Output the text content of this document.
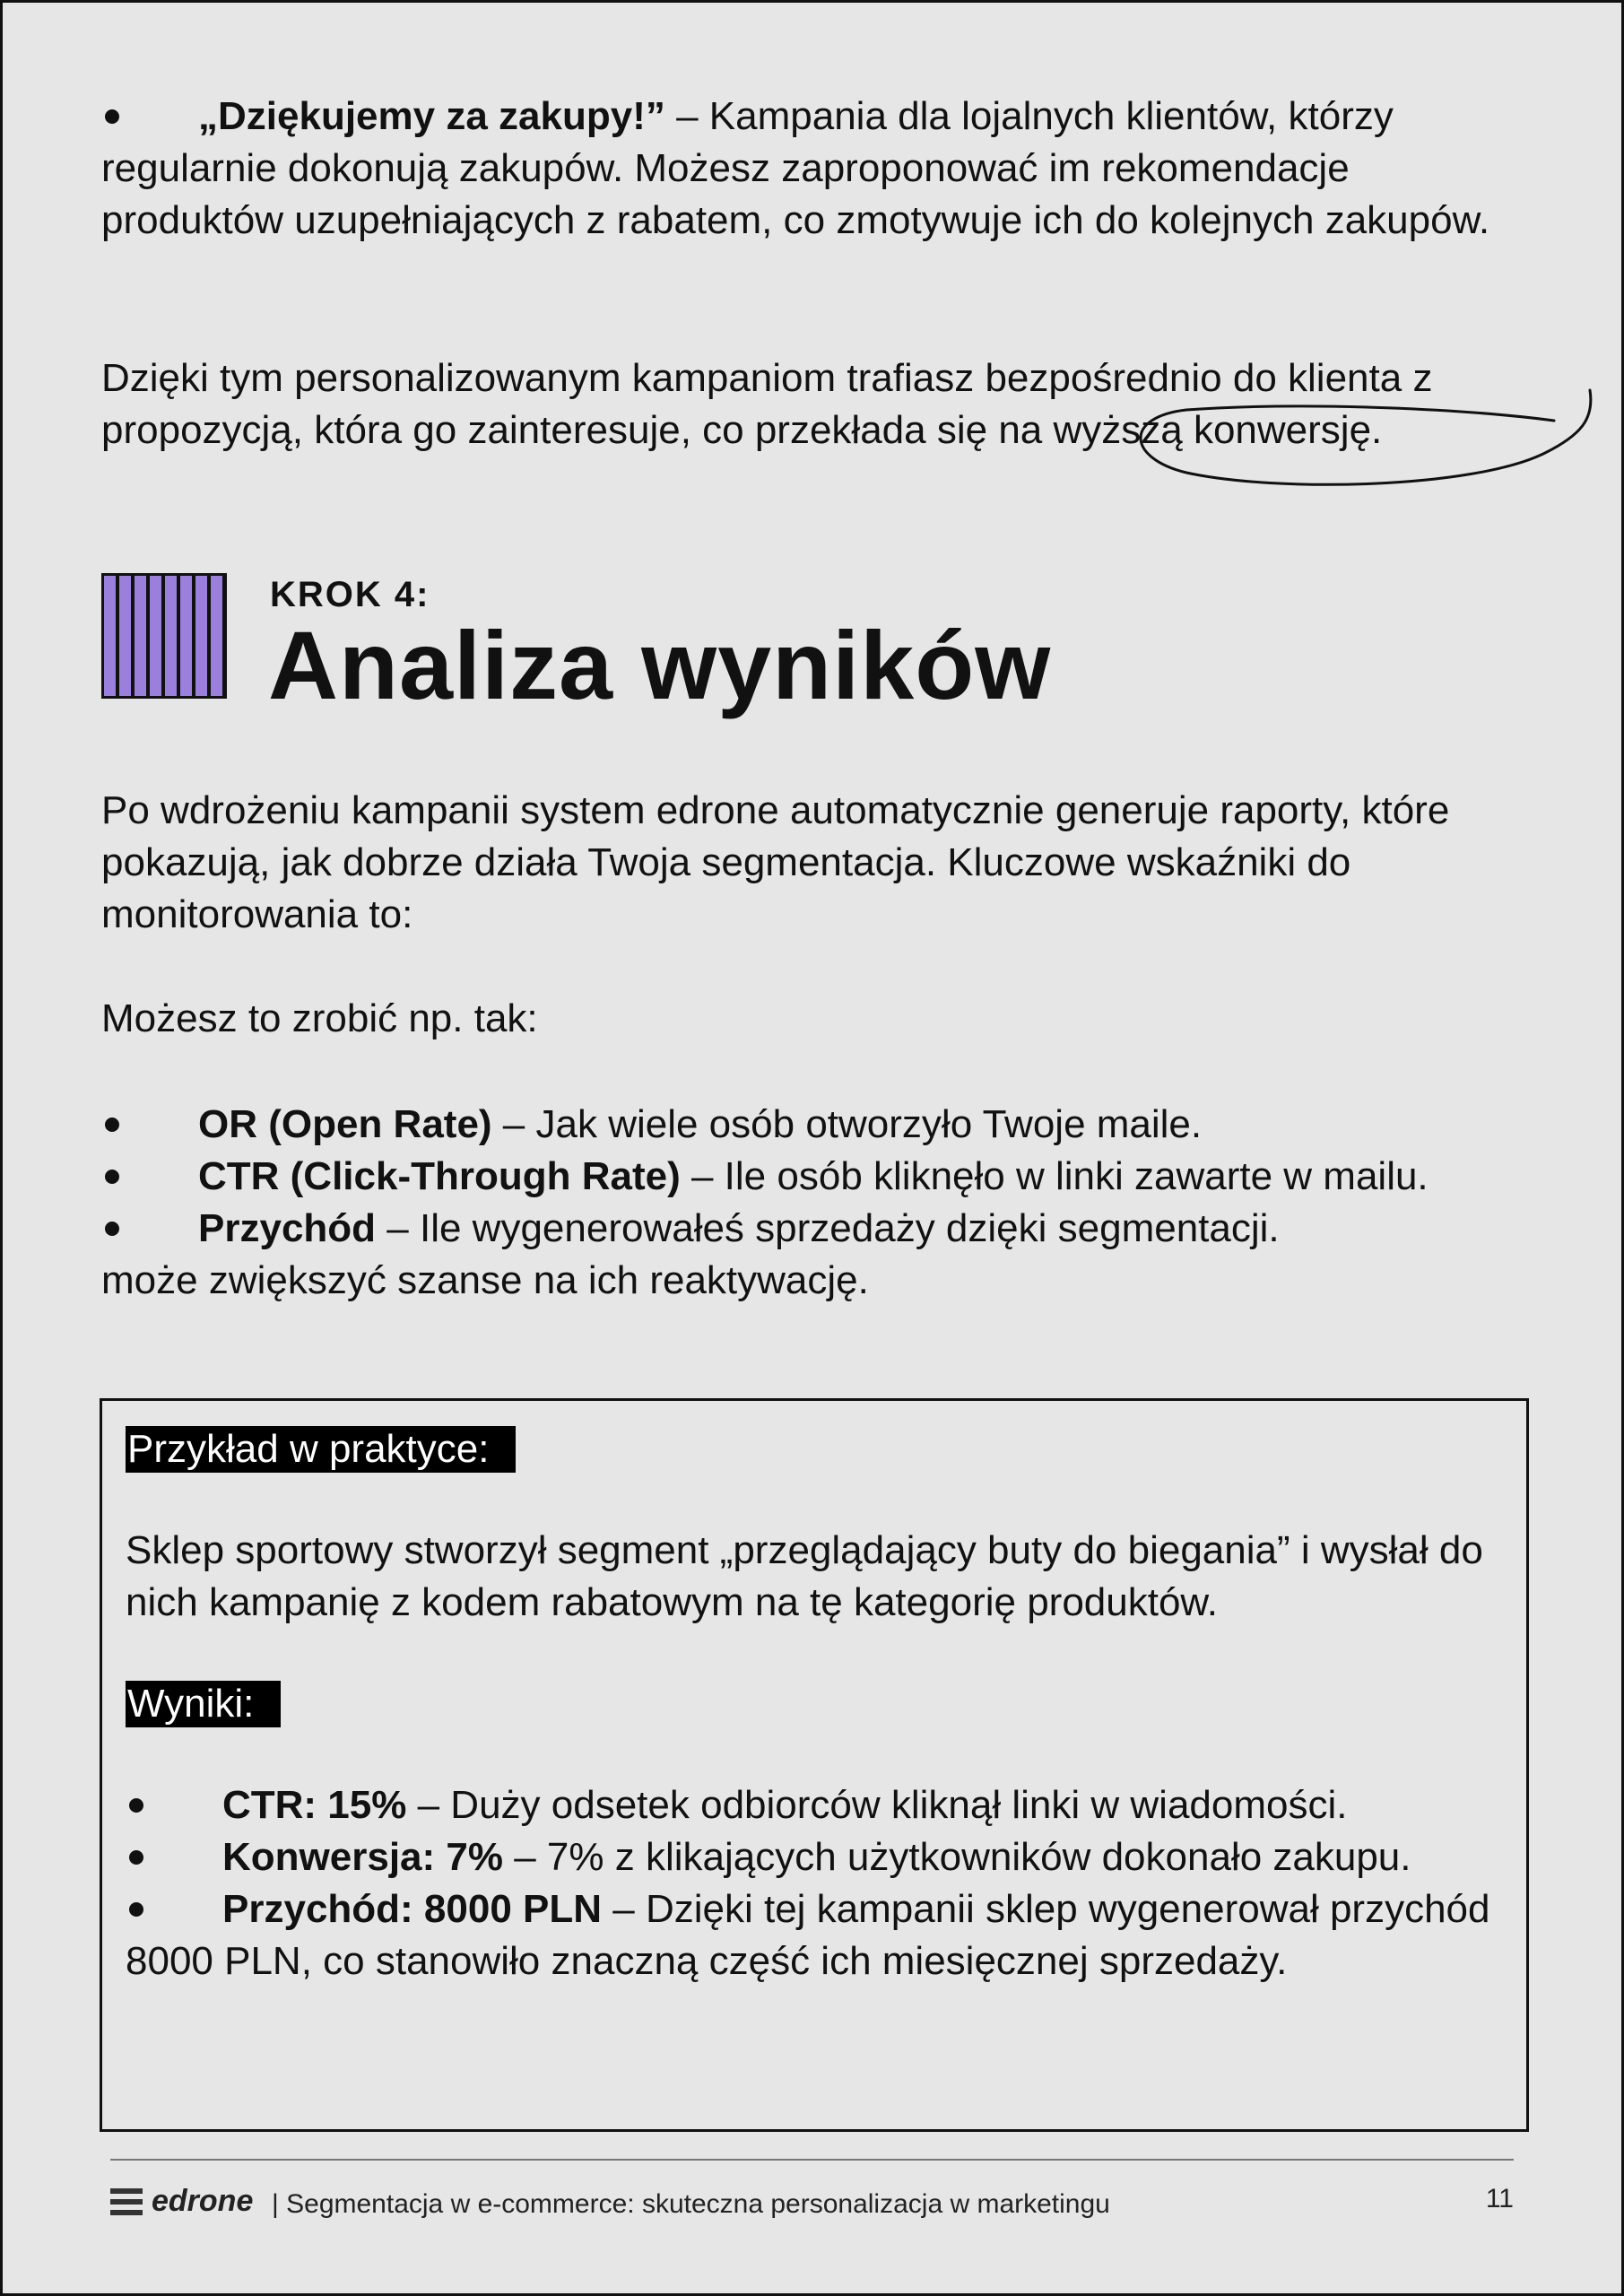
„Dziękujemy za zakupy!” – Kampania dla lojalnych klientów, którzy regularnie dokonują zakupów. Możesz zaproponować im rekomendacje produktów uzupełniających z rabatem, co zmotywuje ich do kolejnych zakupów.

Dzięki tym personalizowanym kampaniom trafiasz bezpośrednio do klienta z propozycją, która go zainteresuje, co przekłada się na wyższą konwersję.

KROK 4:
Analiza wyników

Po wdrożeniu kampanii system edrone automatycznie generuje raporty, które pokazują, jak dobrze działa Twoja segmentacja. Kluczowe wskaźniki do monitorowania to:

Możesz to zrobić np. tak:

OR (Open Rate) – Jak wiele osób otworzyło Twoje maile.

CTR (Click-Through Rate) – Ile osób kliknęło w linki zawarte w mailu.

Przychód – Ile wygenerowałeś sprzedaży dzięki segmentacji.

może zwiększyć szanse na ich reaktywację.

Przykład w praktyce:

Sklep sportowy stworzył segment „przeglądający buty do biegania” i wysłał do nich kampanię z kodem rabatowym na tę kategorię produktów.

Wyniki:

CTR: 15% – Duży odsetek odbiorców kliknął linki w wiadomości.

Konwersja: 7% – 7% z klikających użytkowników dokonało zakupu.

Przychód: 8000 PLN – Dzięki tej kampanii sklep wygenerował przychód 8000 PLN, co stanowiło znaczną część ich miesięcznej sprzedaży.

edrone | Segmentacja w e-commerce: skuteczna personalizacja w marketingu	11
